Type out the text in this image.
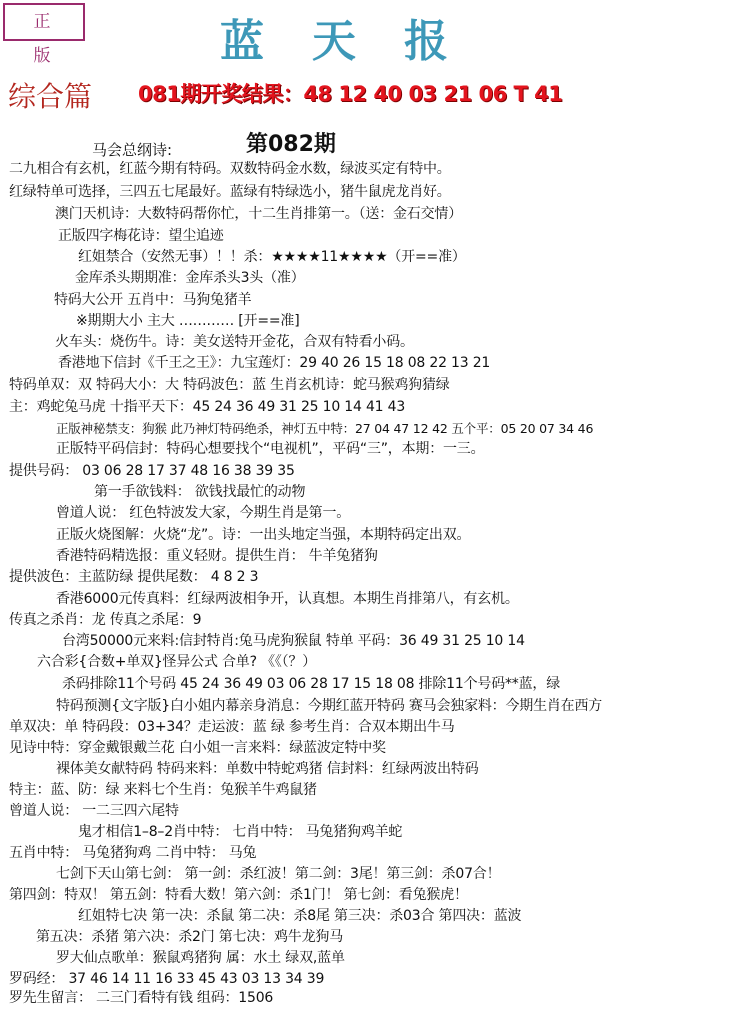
正 版	蓝天报
综合篇 081期开奖结果：48 12 40 03 21 06 T 41
马会总纲诗:	第082期
二九相合有玄机，红蓝今期有特码。双数特码金水数，绿波买定有特中。
红绿特单可选择，三四五七尾最好。蓝绿有特绿选小，猪牛鼠虎龙肖好。
澳门天机诗：大数特码帮你忙，十二生肖排第一。（送：金石交情）
正版四字梅花诗：望尘追迹
红姐禁合（安然无事）！！杀：★★★★11★★★★（开==准）
金库杀头期期准：金库杀头3头（准）
特码大公开 五肖中：马狗兔猪羊
※期期大小 主大 ………… [开==准]
火车头：烧伤牛。诗：美女送特开金花，合双有特看小码。
香港地下信封《千王之王》：九宝莲灯：29 40 26 15 18 08 22 13 21
特码单双：双 特码大小：大 特码波色：蓝 生肖玄机诗：蛇马猴鸡狗猜绿
主：鸡蛇兔马虎 十指平天下：45 24 36 49 31 25 10 14 41 43
正版神秘禁支：狗猴 此乃神灯特码绝杀，神灯五中特：27 04 47 12 42 五个平：05 20 07 34 46
正版特平码信封：特码心想要找个“电视机”，平码“三”，本期：一三。
提供号码： 03 06 28 17 37 48 16 38 39 35
第一手欲钱料： 欲钱找最忙的动物
曾道人说： 红色特波发大家，今期生肖是第一。
正版火烧图解：火烧“龙”。诗：一出头地定当强，本期特码定出双。
香港特码精选报：重义轻财。提供生肖： 牛羊兔猪狗
提供波色：主蓝防绿 提供尾数： 4 8 2 3
香港6000元传真料：红绿两波相争开，认真想。本期生肖排第八，有玄机。
传真之杀肖：龙 传真之杀尾：9
台湾50000元来料:信封特肖:兔马虎狗猴鼠 特单 平码：36 49 31 25 10 14
六合彩{合数+单双}怪异公式 合单? 《《（？）
杀码排除11个号码 45 24 36 49 03 06 28 17 15 18 08 排除11个号码**蓝，绿
特码预测{文字版}白小姐内幕亲身消息：今期红蓝开特码 赛马会独家料：今期生肖在西方
单双决：单 特码段：03+34？走运波：蓝 绿 参考生肖：合双本期出牛马
见诗中特：穿金戴银戴兰花 白小姐一言来料：绿蓝波定特中奖
裸体美女献特码 特码来料：单数中特蛇鸡猪 信封料：红绿两波出特码
特主：蓝、防：绿 来料七个生肖：兔猴羊牛鸡鼠猪
曾道人说： 一二三四六尾特
鬼才相信1–8–2肖中特： 七肖中特： 马兔猪狗鸡羊蛇
五肖中特： 马兔猪狗鸡 二肖中特： 马兔
七剑下天山第七剑： 第一剑：杀红波！第二剑：3尾！第三剑：杀07合！
第四剑：特双！ 第五剑：特看大数！第六剑：杀1门！ 第七剑：看兔猴虎！
红姐特七决 第一决：杀鼠 第二决：杀8尾 第三决：杀03合 第四决：蓝波
第五决：杀猪 第六决：杀2门 第七决：鸡牛龙狗马
罗大仙点歌单：猴鼠鸡猪狗 属：水土 绿双,蓝单
罗码经： 37 46 14 11 16 33 45 43 03 13 34 39
罗先生留言： 二三门看特有钱 组码：1506
